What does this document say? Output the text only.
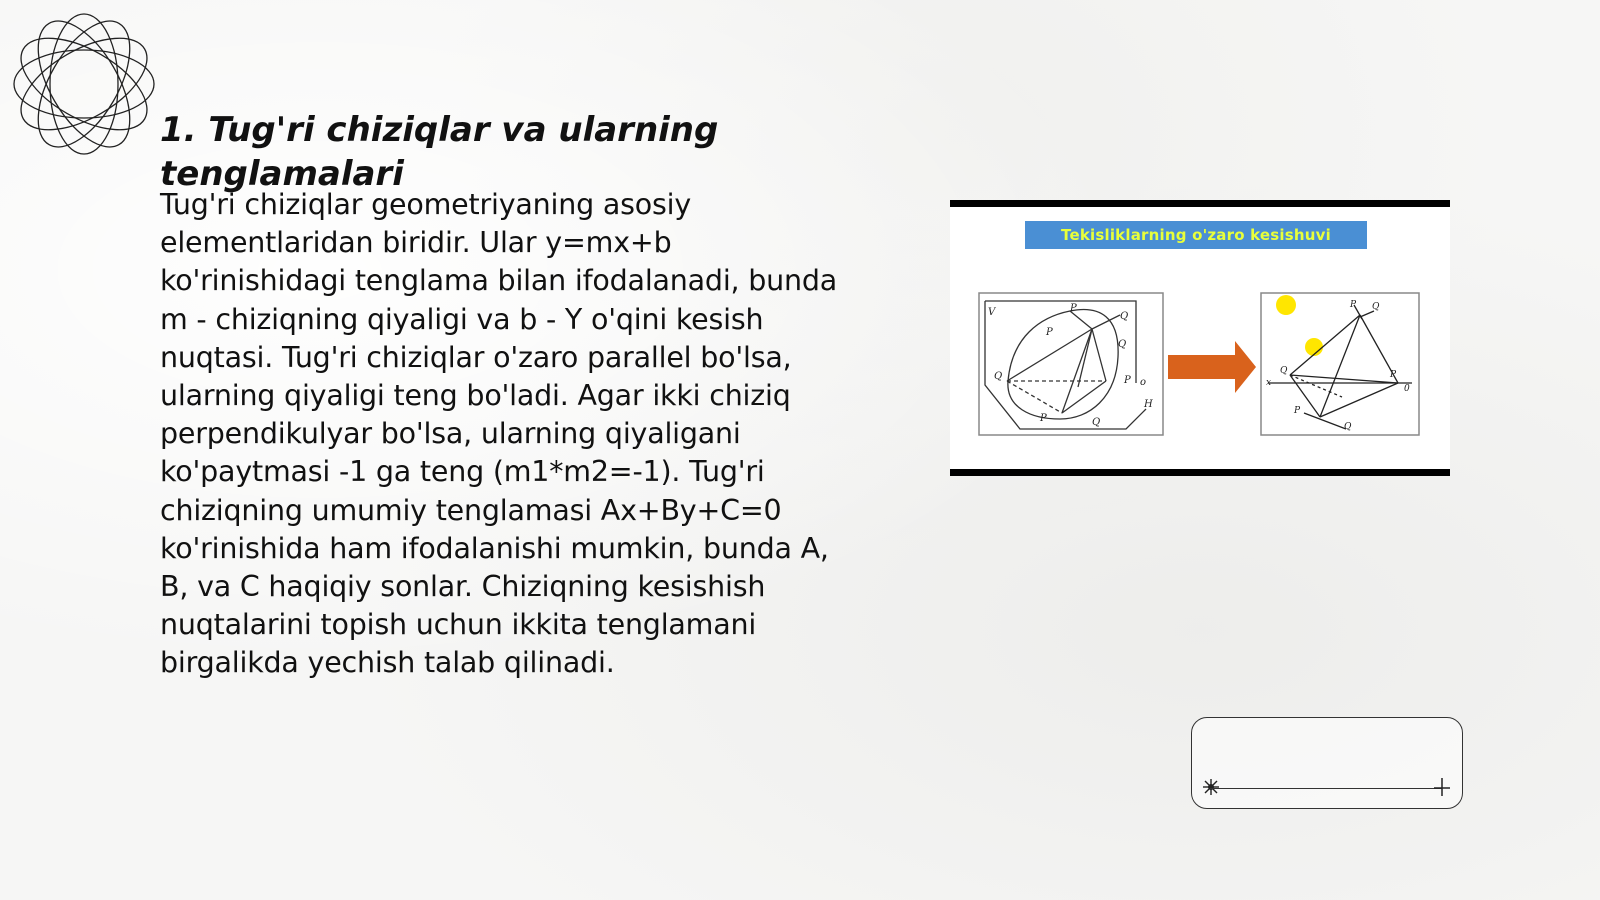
1. Tug'ri chiziqlar va ularning tenglamalari

Tug'ri chiziqlar geometriyaning asosiy elementlaridan biridir. Ular y=mx+b ko'rinishidagi tenglama bilan ifodalanadi, bunda m - chiziqning qiyaligi va b - Y o'qini kesish nuqtasi. Tug'ri chiziqlar o'zaro parallel bo'lsa, ularning qiyaligi teng bo'ladi. Agar ikki chiziq perpendikulyar bo'lsa, ularning qiyaligani ko'paytmasi -1 ga teng (m1*m2=-1). Tug'ri chiziqning umumiy tenglamasi Ax+By+C=0 ko'rinishida ham ifodalanishi mumkin, bunda A, B, va C haqiqiy sonlar. Chiziqning kesishish nuqtalarini topish uchun ikkita tenglamani birgalikda yechish talab qilinadi.

V
P
P
Q
Q
Q	P o
P	Q
H
P Q
x
Q	P
0
P
Q
Tekisliklarning o'zaro kesishuvi
